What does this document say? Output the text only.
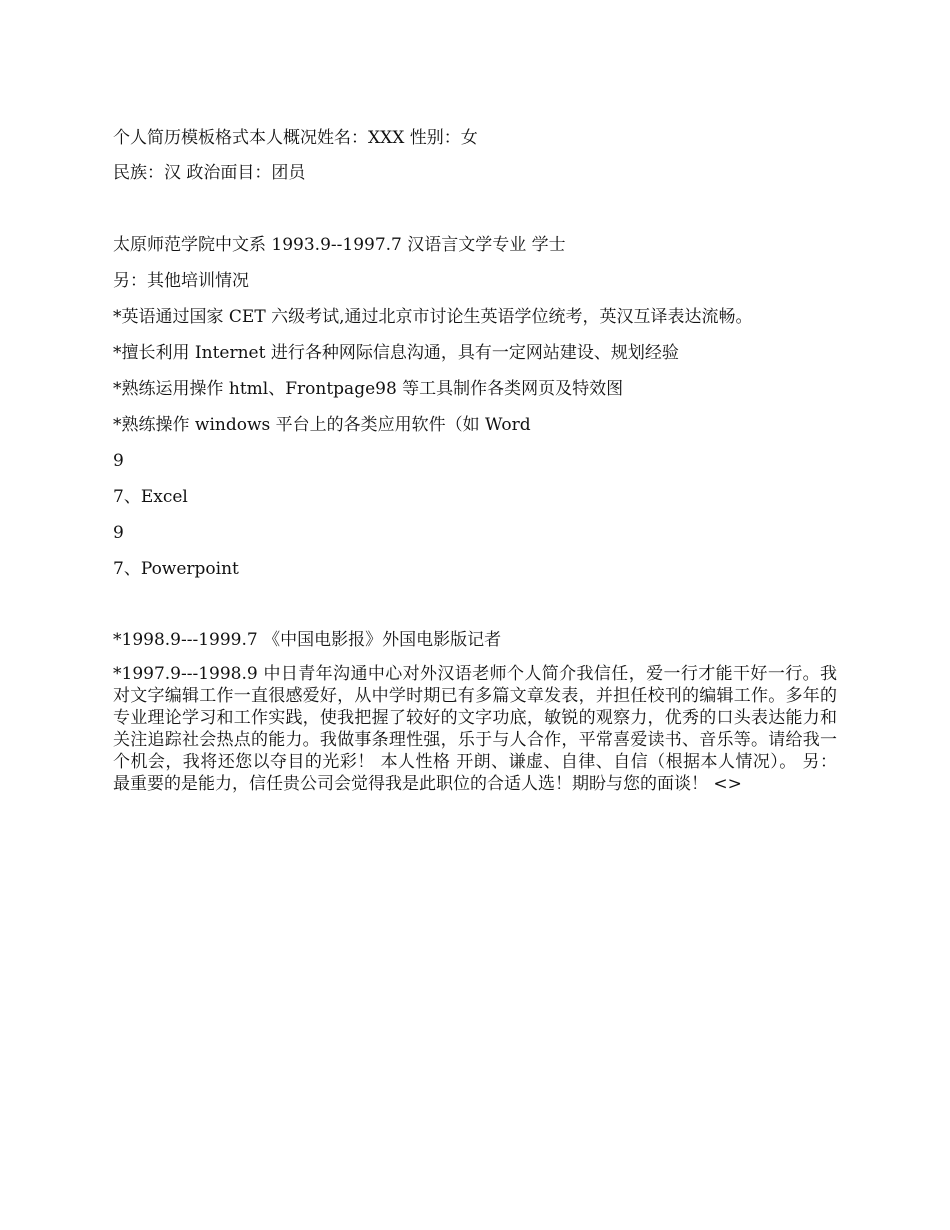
个人简历模板格式本人概况姓名：XXX 性别：女
民族：汉 政治面目：团员
太原师范学院中文系 1993.9--1997.7 汉语言文学专业 学士
另：其他培训情况
*英语通过国家 CET 六级考试,通过北京市讨论生英语学位统考，英汉互译表达流畅。
*擅长利用 Internet 进行各种网际信息沟通，具有一定网站建设、规划经验
*熟练运用操作 html、Frontpage98 等工具制作各类网页及特效图
*熟练操作 windows 平台上的各类应用软件（如 Word
9
7、Excel
9
7、Powerpoint
*1998.9---1999.7 《中国电影报》外国电影版记者
*1997.9---1998.9 中日青年沟通中心对外汉语老师个人简介我信任，爱一行才能干好一行。我对文字编辑工作一直很感爱好，从中学时期已有多篇文章发表，并担任校刊的编辑工作。多年的专业理论学习和工作实践，使我把握了较好的文字功底，敏锐的观察力，优秀的口头表达能力和关注追踪社会热点的能力。我做事条理性强，乐于与人合作，平常喜爱读书、音乐等。请给我一个机会，我将还您以夺目的光彩！ 本人性格 开朗、谦虚、自律、自信（根据本人情况）。 另： 最重要的是能力，信任贵公司会觉得我是此职位的合适人选！期盼与您的面谈！ <>
